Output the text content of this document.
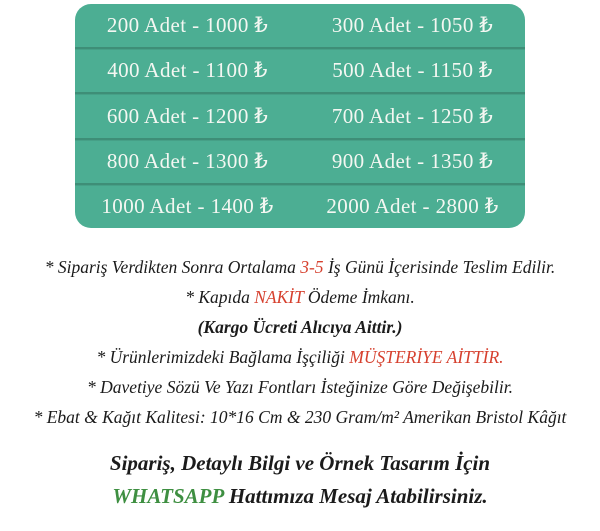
200 Adet - 1000 ₺	300 Adet - 1050 ₺
400 Adet - 1100 ₺	500 Adet - 1150 ₺
600 Adet - 1200 ₺	700 Adet - 1250 ₺
800 Adet - 1300 ₺	900 Adet - 1350 ₺
1000 Adet - 1400 ₺	2000 Adet - 2800 ₺
* Sipariş Verdikten Sonra Ortalama 3-5 İş Günü İçerisinde Teslim Edilir.
* Kapıda NAKİT Ödeme İmkanı.
(Kargo Ücreti Alıcıya Aittir.)
* Ürünlerimizdeki Bağlama İşçiliği MÜŞTERİYE AİTTİR.
* Davetiye Sözü Ve Yazı Fontları İsteğinize Göre Değişebilir.
* Ebat & Kağıt Kalitesi: 10*16 Cm & 230 Gram/m² Amerikan Bristol Kâğıt
Sipariş, Detaylı Bilgi ve Örnek Tasarım İçin
WHATSAPP Hattımıza Mesaj Atabilirsiniz.
